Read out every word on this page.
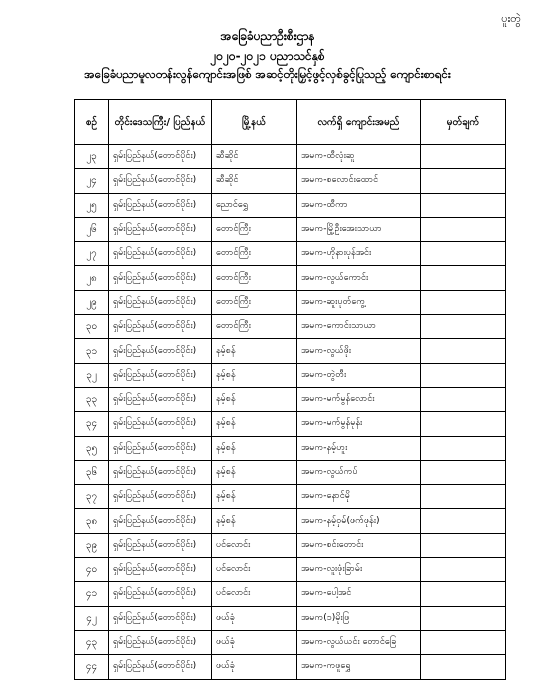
ပူးတွဲ
အခြေခံပညာဦးစီးဌာန
၂၀၂၀-၂၀၂၁ ပညာသင်နှစ်
အခြေခံပညာမူလတန်းလွန်ကျောင်းအဖြစ် အဆင့်တိုးမြှင့်ဖွင့်လှစ်ခွင့်ပြုသည့် ကျောင်းစာရင်း
စဉ်	တိုင်းဒေသကြီး/ ပြည်နယ်	မြို့နယ်	လက်ရှိ ကျောင်းအမည်	မှတ်ချက်
၂၃	ရှမ်းပြည်နယ်(တောင်ပိုင်း)	ဆီဆိုင်	အမက-ထီလုံးဆူ	
၂၄	ရှမ်းပြည်နယ်(တောင်ပိုင်း)	ဆီဆိုင်	အမက-စလောင်းထောင်	
၂၅	ရှမ်းပြည်နယ်(တောင်ပိုင်း)	ညောင်ရွှေ	အမက-ထီကာ	
၂၆	ရှမ်းပြည်နယ်(တောင်ပိုင်း)	တောင်ကြီး	အမက-မြို့ဦးအေးသာယာ	
၂၇	ရှမ်းပြည်နယ်(တောင်ပိုင်း)	တောင်ကြီး	အမက-ဟိုနားပုန်အင်း	
၂၈	ရှမ်းပြည်နယ်(တောင်ပိုင်း)	တောင်ကြီး	အမက-လွယ်ကောင်း	
၂၉	ရှမ်းပြည်နယ်(တောင်ပိုင်း)	တောင်ကြီး	အမက-ဆူးပုတ်ကွေ့	
၃၀	ရှမ်းပြည်နယ်(တောင်ပိုင်း)	တောင်ကြီး	အမက-ကောင်းသာယာ	
၃၁	ရှမ်းပြည်နယ်(တောင်ပိုင်း)	နမ့်စန်	အမက-လွယ်ဖိုး	
၃၂	ရှမ်းပြည်နယ်(တောင်ပိုင်း)	နမ့်စန်	အမက-တွဲတီး	
၃၃	ရှမ်းပြည်နယ်(တောင်ပိုင်း)	နမ့်စန်	အမက-မက်မွန်လောင်း	
၃၄	ရှမ်းပြည်နယ်(တောင်ပိုင်း)	နမ့်စန်	အမက-မက်မွန်မုန်း	
၃၅	ရှမ်းပြည်နယ်(တောင်ပိုင်း)	နမ့်စန်	အမက-နမ့်ဟူး	
၃၆	ရှမ်းပြည်နယ်(တောင်ပိုင်း)	နမ့်စန်	အမက-လွယ်ကပ်	
၃၇	ရှမ်းပြည်နယ်(တောင်ပိုင်း)	နမ့်စန်	အမက-နောင်မို	
၃၈	ရှမ်းပြည်နယ်(တောင်ပိုင်း)	နမ့်စန်	အမက-နမ့်ဝှမ်(ဖက်ဖုန်း)	
၃၉	ရှမ်းပြည်နယ်(တောင်ပိုင်း)	ပင်လောင်း	အမက-စင်းတောင်း	
၄၀	ရှမ်းပြည်နယ်(တောင်ပိုင်း)	ပင်လောင်း	အမက-လူးဖုံးခြာမ်း	
၄၁	ရှမ်းပြည်နယ်(တောင်ပိုင်း)	ပင်လောင်း	အမက-ပေါ့အင်	
၄၂	ရှမ်းပြည်နယ်(တောင်ပိုင်း)	ဖယ်ခုံ	အမက(၁)မိုးဖြ	
၄၃	ရှမ်းပြည်နယ်(တောင်ပိုင်း)	ဖယ်ခုံ	အမက-လွယ်ယင်း တောင်ခြေ	
၄၄	ရှမ်းပြည်နယ်(တောင်ပိုင်း)	ဖယ်ခုံ	အမက-ကဖူရွှေ	
